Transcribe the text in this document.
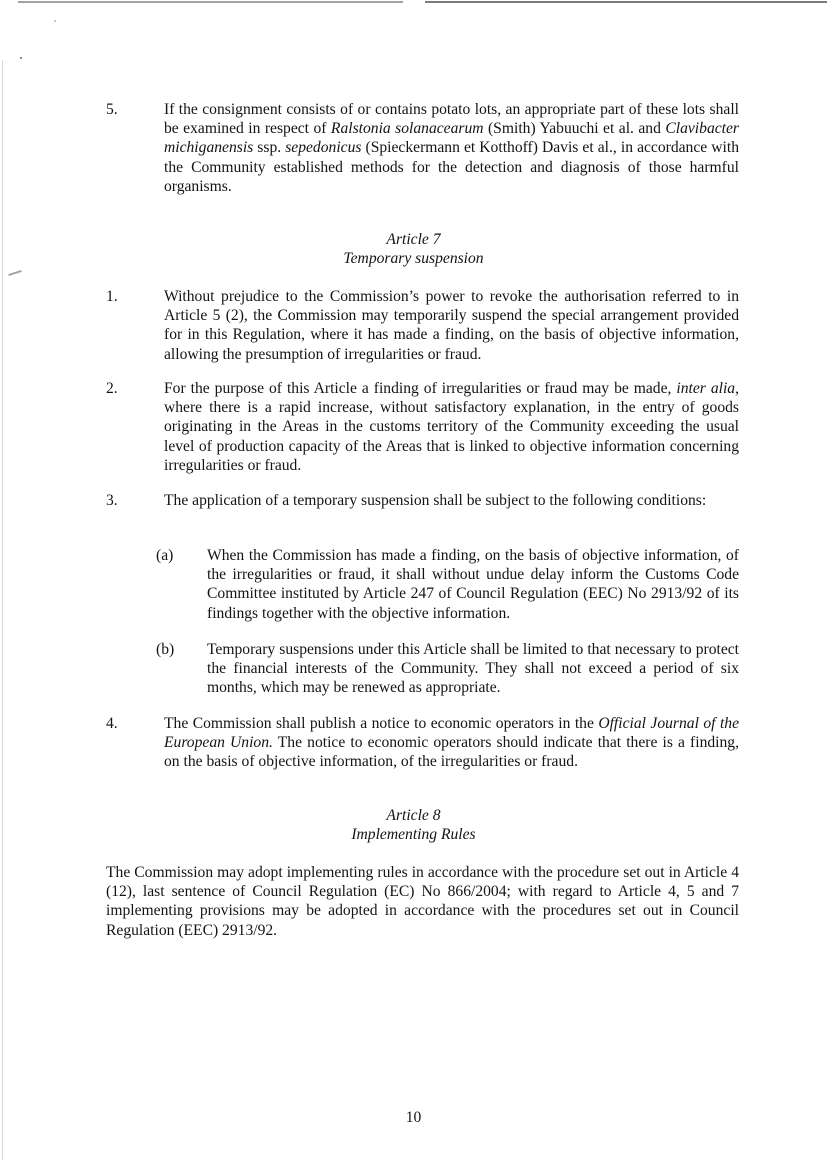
5.	If the consignment consists of or contains potato lots, an appropriate part of these lots shall be examined in respect of Ralstonia solanacearum (Smith) Yabuuchi et al. and Clavibacter michiganensis ssp. sepedonicus (Spieckermann et Kotthoff) Davis et al., in accordance with the Community established methods for the detection and diagnosis of those harmful organisms.
Article 7
Temporary suspension
1.	Without prejudice to the Commission’s power to revoke the authorisation referred to in Article 5 (2), the Commission may temporarily suspend the special arrangement provided for in this Regulation, where it has made a finding, on the basis of objective information, allowing the presumption of irregularities or fraud.
2.	For the purpose of this Article a finding of irregularities or fraud may be made, inter alia, where there is a rapid increase, without satisfactory explanation, in the entry of goods originating in the Areas in the customs territory of the Community exceeding the usual level of production capacity of the Areas that is linked to objective information concerning irregularities or fraud.
3.	The application of a temporary suspension shall be subject to the following conditions:
(a) When the Commission has made a finding, on the basis of objective information, of the irregularities or fraud, it shall without undue delay inform the Customs Code Committee instituted by Article 247 of Council Regulation (EEC) No 2913/92 of its findings together with the objective information.
(b) Temporary suspensions under this Article shall be limited to that necessary to protect the financial interests of the Community. They shall not exceed a period of six months, which may be renewed as appropriate.
4.	The Commission shall publish a notice to economic operators in the Official Journal of the European Union. The notice to economic operators should indicate that there is a finding, on the basis of objective information, of the irregularities or fraud.
Article 8
Implementing Rules
The Commission may adopt implementing rules in accordance with the procedure set out in Article 4 (12), last sentence of Council Regulation (EC) No 866/2004; with regard to Article 4, 5 and 7 implementing provisions may be adopted in accordance with the procedures set out in Council Regulation (EEC) 2913/92.
10
